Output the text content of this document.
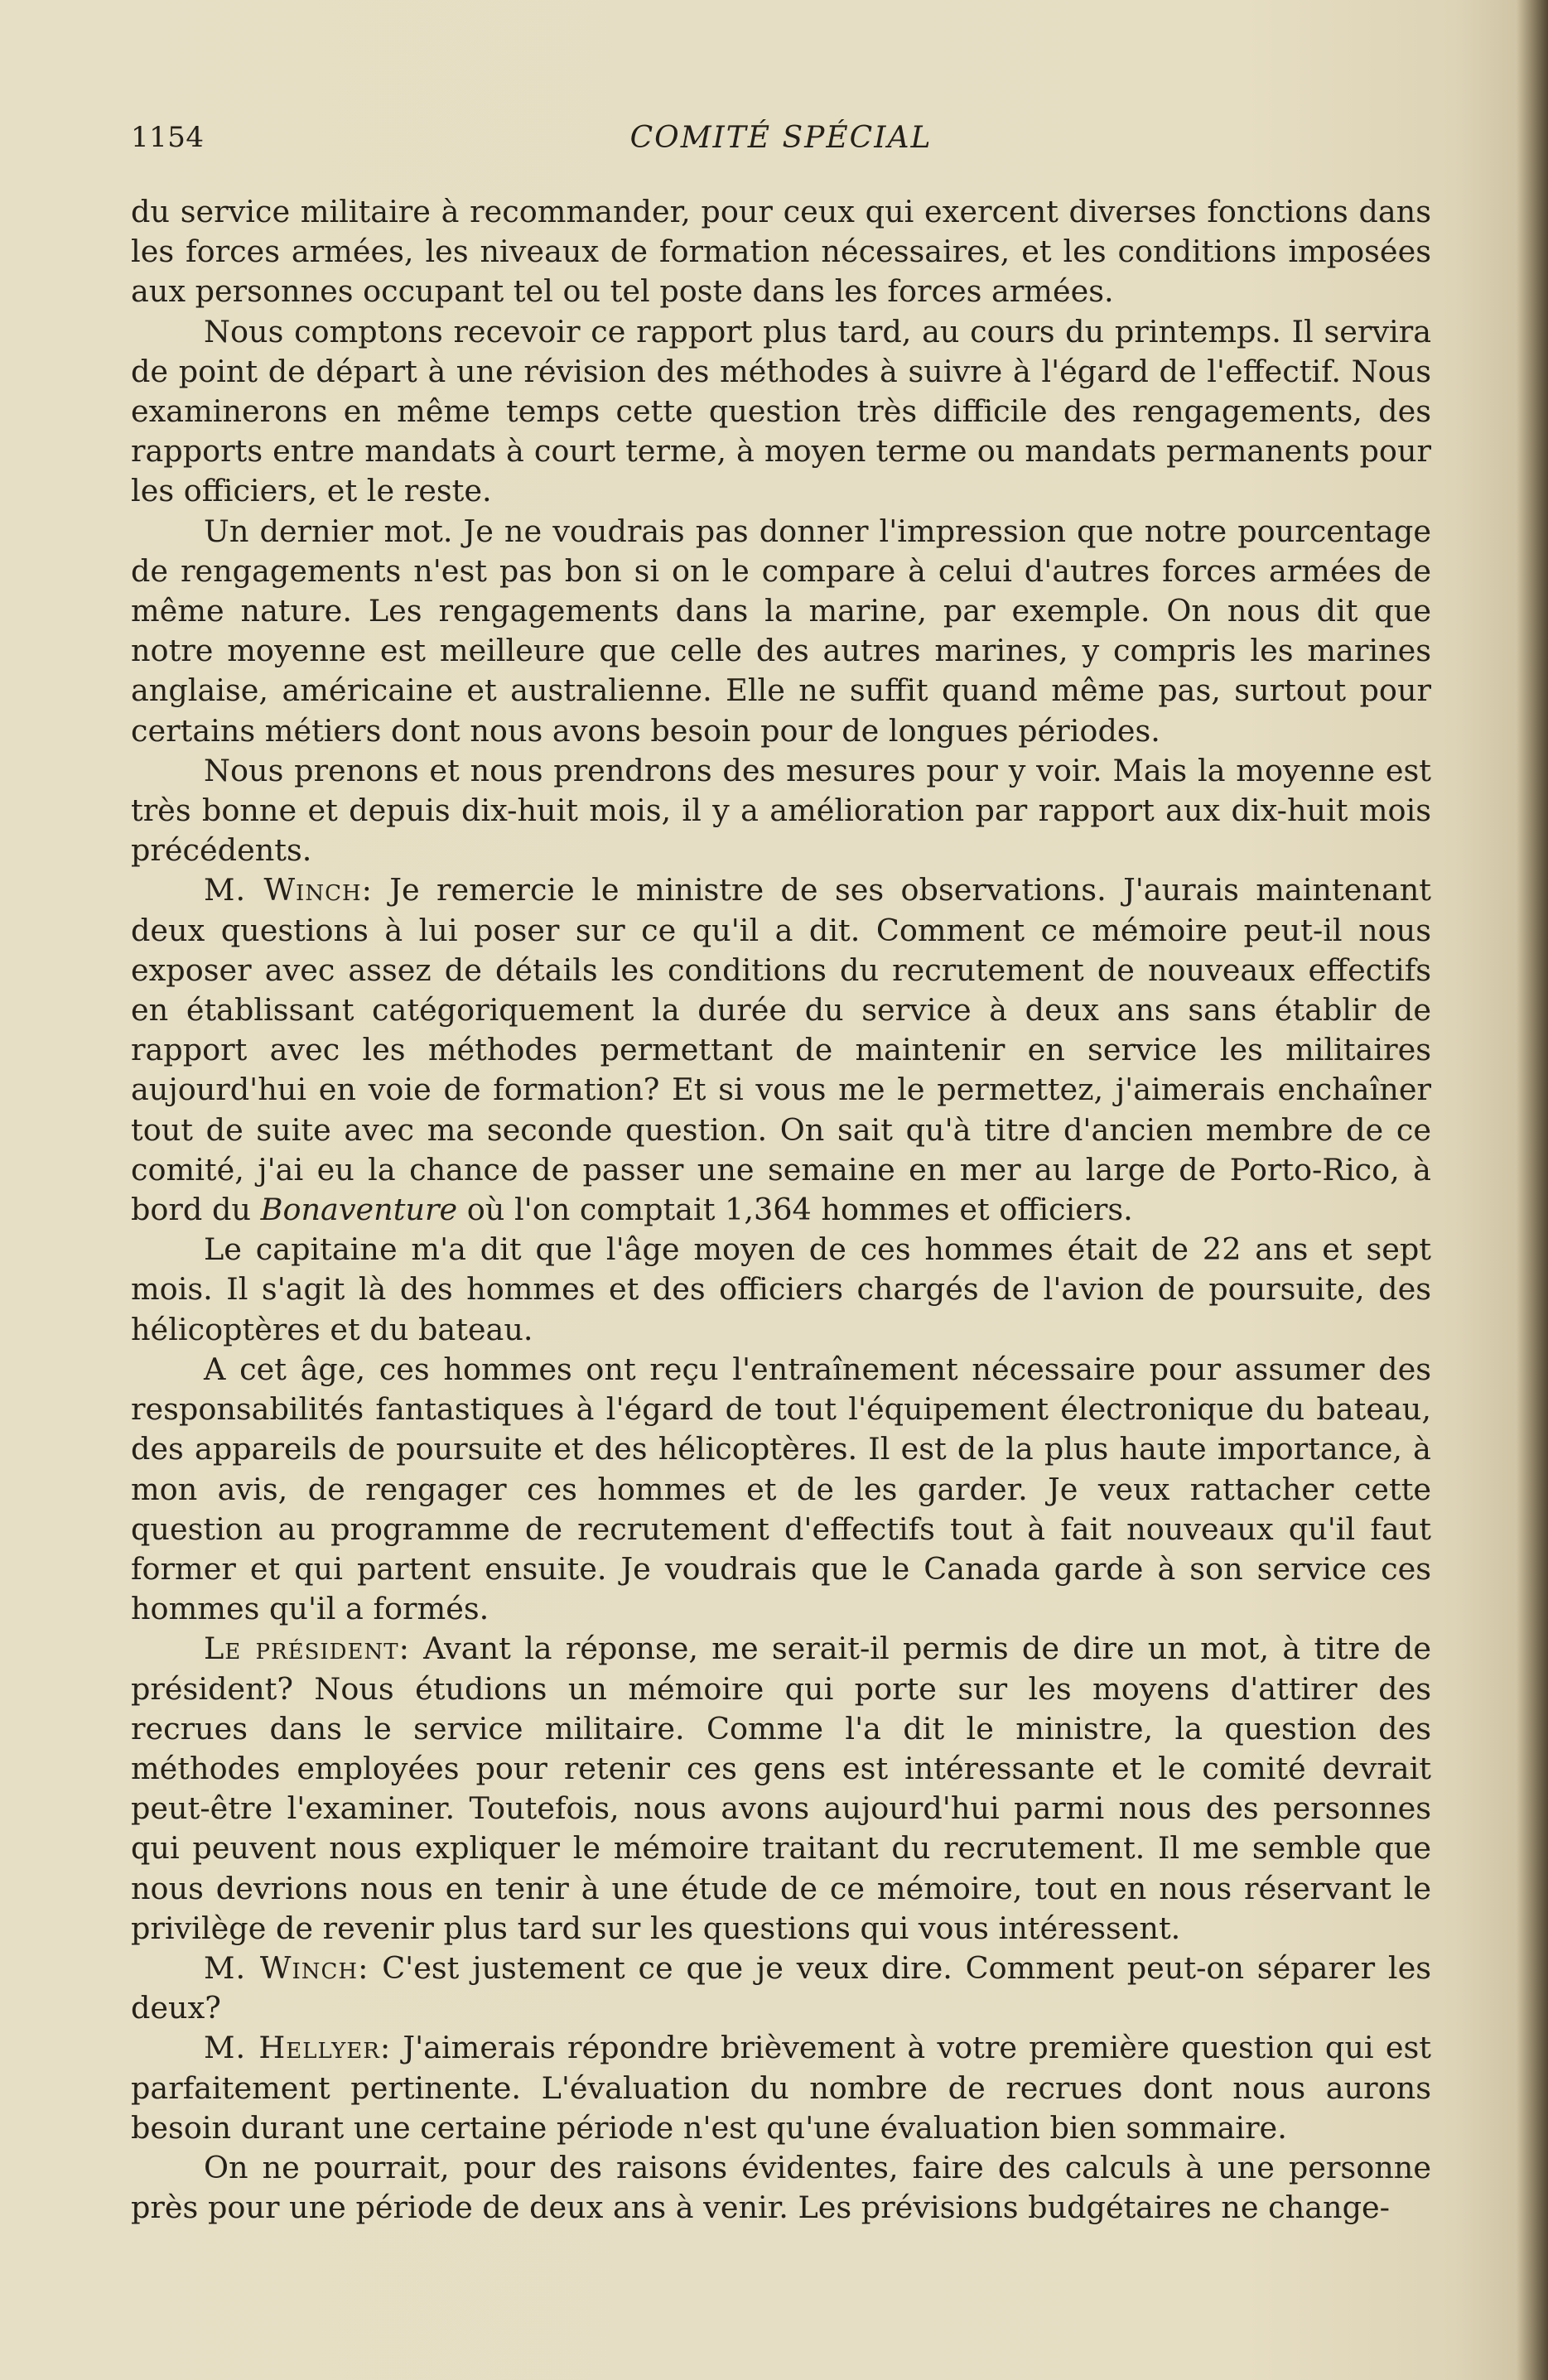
1154	COMITÉ SPÉCIAL

du service militaire à recommander, pour ceux qui exercent diverses fonctions dans les forces armées, les niveaux de formation nécessaires, et les conditions imposées aux personnes occupant tel ou tel poste dans les forces armées.

Nous comptons recevoir ce rapport plus tard, au cours du printemps. Il servira de point de départ à une révision des méthodes à suivre à l'égard de l'effectif. Nous examinerons en même temps cette question très difficile des rengagements, des rapports entre mandats à court terme, à moyen terme ou mandats permanents pour les officiers, et le reste.

Un dernier mot. Je ne voudrais pas donner l'impression que notre pourcentage de rengagements n'est pas bon si on le compare à celui d'autres forces armées de même nature. Les rengagements dans la marine, par exemple. On nous dit que notre moyenne est meilleure que celle des autres marines, y compris les marines anglaise, américaine et australienne. Elle ne suffit quand même pas, surtout pour certains métiers dont nous avons besoin pour de longues périodes.

Nous prenons et nous prendrons des mesures pour y voir. Mais la moyenne est très bonne et depuis dix-huit mois, il y a amélioration par rapport aux dix-huit mois précédents.

M. Winch: Je remercie le ministre de ses observations. J'aurais maintenant deux questions à lui poser sur ce qu'il a dit. Comment ce mémoire peut-il nous exposer avec assez de détails les conditions du recrutement de nouveaux effectifs en établissant catégoriquement la durée du service à deux ans sans établir de rapport avec les méthodes permettant de maintenir en service les militaires aujourd'hui en voie de formation? Et si vous me le permettez, j'aimerais enchaîner tout de suite avec ma seconde question. On sait qu'à titre d'ancien membre de ce comité, j'ai eu la chance de passer une semaine en mer au large de Porto-Rico, à bord du Bonaventure où l'on comptait 1,364 hommes et officiers.

Le capitaine m'a dit que l'âge moyen de ces hommes était de 22 ans et sept mois. Il s'agit là des hommes et des officiers chargés de l'avion de poursuite, des hélicoptères et du bateau.

A cet âge, ces hommes ont reçu l'entraînement nécessaire pour assumer des responsabilités fantastiques à l'égard de tout l'équipement électronique du bateau, des appareils de poursuite et des hélicoptères. Il est de la plus haute importance, à mon avis, de rengager ces hommes et de les garder. Je veux rattacher cette question au programme de recrutement d'effectifs tout à fait nouveaux qu'il faut former et qui partent ensuite. Je voudrais que le Canada garde à son service ces hommes qu'il a formés.

Le président: Avant la réponse, me serait-il permis de dire un mot, à titre de président? Nous étudions un mémoire qui porte sur les moyens d'attirer des recrues dans le service militaire. Comme l'a dit le ministre, la question des méthodes employées pour retenir ces gens est intéressante et le comité devrait peut-être l'examiner. Toutefois, nous avons aujourd'hui parmi nous des personnes qui peuvent nous expliquer le mémoire traitant du recrutement. Il me semble que nous devrions nous en tenir à une étude de ce mémoire, tout en nous réservant le privilège de revenir plus tard sur les questions qui vous intéressent.

M. Winch: C'est justement ce que je veux dire. Comment peut-on séparer les deux?

M. Hellyer: J'aimerais répondre brièvement à votre première question qui est parfaitement pertinente. L'évaluation du nombre de recrues dont nous aurons besoin durant une certaine période n'est qu'une évaluation bien sommaire.

On ne pourrait, pour des raisons évidentes, faire des calculs à une personne près pour une période de deux ans à venir. Les prévisions budgétaires ne change-
